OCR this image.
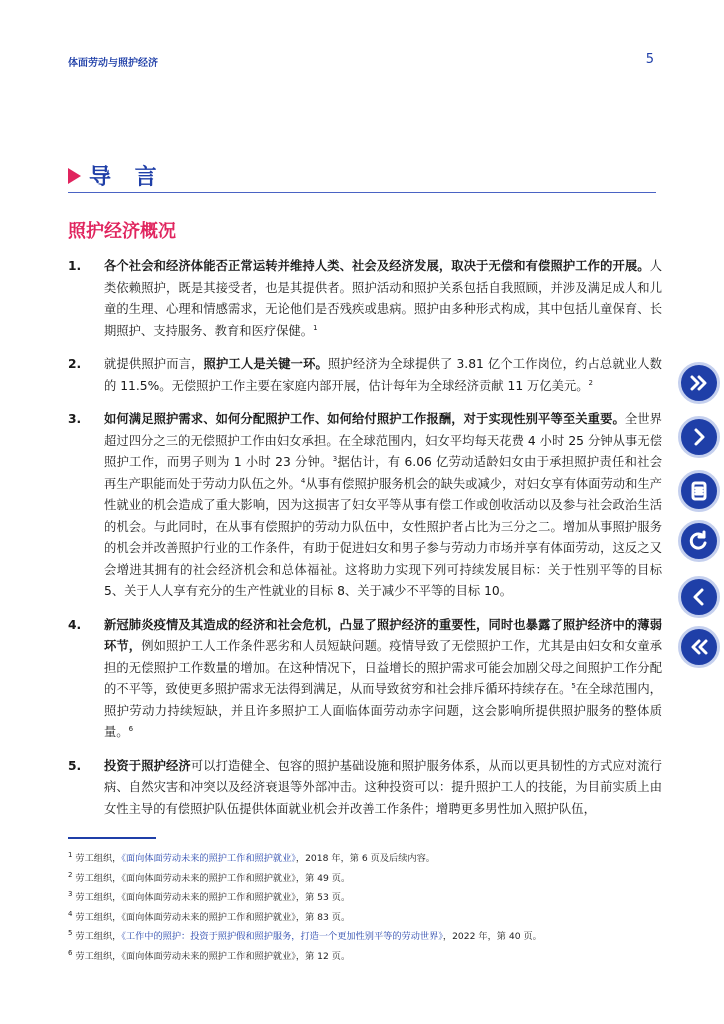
体面劳动与照护经济	5
导 言
照护经济概况
1.	各个社会和经济体能否正常运转并维持人类、社会及经济发展，取决于无偿和有偿照护工作的开展。人类依赖照护，既是其接受者，也是其提供者。照护活动和照护关系包括自我照顾，并涉及满足成人和儿童的生理、心理和情感需求，无论他们是否残疾或患病。照护由多种形式构成，其中包括儿童保育、长期照护、支持服务、教育和医疗保健。$^1$
2.	就提供照护而言，照护工人是关键一环。照护经济为全球提供了 3.81 亿个工作岗位，约占总就业人数的 11.5%。无偿照护工作主要在家庭内部开展，估计每年为全球经济贡献 11 万亿美元。$^2$
3.	如何满足照护需求、如何分配照护工作、如何给付照护工作报酬，对于实现性别平等至关重要。全世界超过四分之三的无偿照护工作由妇女承担。在全球范围内，妇女平均每天花费 4 小时 25 分钟从事无偿照护工作，而男子则为 1 小时 23 分钟。$^3$据估计，有 6.06 亿劳动适龄妇女由于承担照护责任和社会再生产职能而处于劳动力队伍之外。$^4$从事有偿照护服务机会的缺失或减少，对妇女享有体面劳动和生产性就业的机会造成了重大影响，因为这损害了妇女平等从事有偿工作或创收活动以及参与社会政治生活的机会。与此同时，在从事有偿照护的劳动力队伍中，女性照护者占比为三分之二。增加从事照护服务的机会并改善照护行业的工作条件，有助于促进妇女和男子参与劳动力市场并享有体面劳动，这反之又会增进其拥有的社会经济机会和总体福祉。这将助力实现下列可持续发展目标：关于性别平等的目标 5、关于人人享有充分的生产性就业的目标 8、关于减少不平等的目标 10。
4.	新冠肺炎疫情及其造成的经济和社会危机，凸显了照护经济的重要性，同时也暴露了照护经济中的薄弱环节，例如照护工人工作条件恶劣和人员短缺问题。疫情导致了无偿照护工作，尤其是由妇女和女童承担的无偿照护工作数量的增加。在这种情况下，日益增长的照护需求可能会加剧父母之间照护工作分配的不平等，致使更多照护需求无法得到满足，从而导致贫穷和社会排斥循环持续存在。$^5$在全球范围内，照护劳动力持续短缺，并且许多照护工人面临体面劳动赤字问题，这会影响所提供照护服务的整体质量。$^6$
5.	投资于照护经济可以打造健全、包容的照护基础设施和照护服务体系，从而以更具韧性的方式应对流行病、自然灾害和冲突以及经济衰退等外部冲击。这种投资可以：提升照护工人的技能，为目前实质上由女性主导的有偿照护队伍提供体面就业机会并改善工作条件；增聘更多男性加入照护队伍，
$^1$ 劳工组织，《面向体面劳动未来的照护工作和照护就业》，2018 年，第 6 页及后续内容。
$^2$ 劳工组织，《面向体面劳动未来的照护工作和照护就业》，第 49 页。
$^3$ 劳工组织，《面向体面劳动未来的照护工作和照护就业》，第 53 页。
$^4$ 劳工组织，《面向体面劳动未来的照护工作和照护就业》，第 83 页。
$^5$ 劳工组织，《工作中的照护：投资于照护假和照护服务，打造一个更加性别平等的劳动世界》，2022 年，第 40 页。
$^6$ 劳工组织，《面向体面劳动未来的照护工作和照护就业》，第 12 页。
